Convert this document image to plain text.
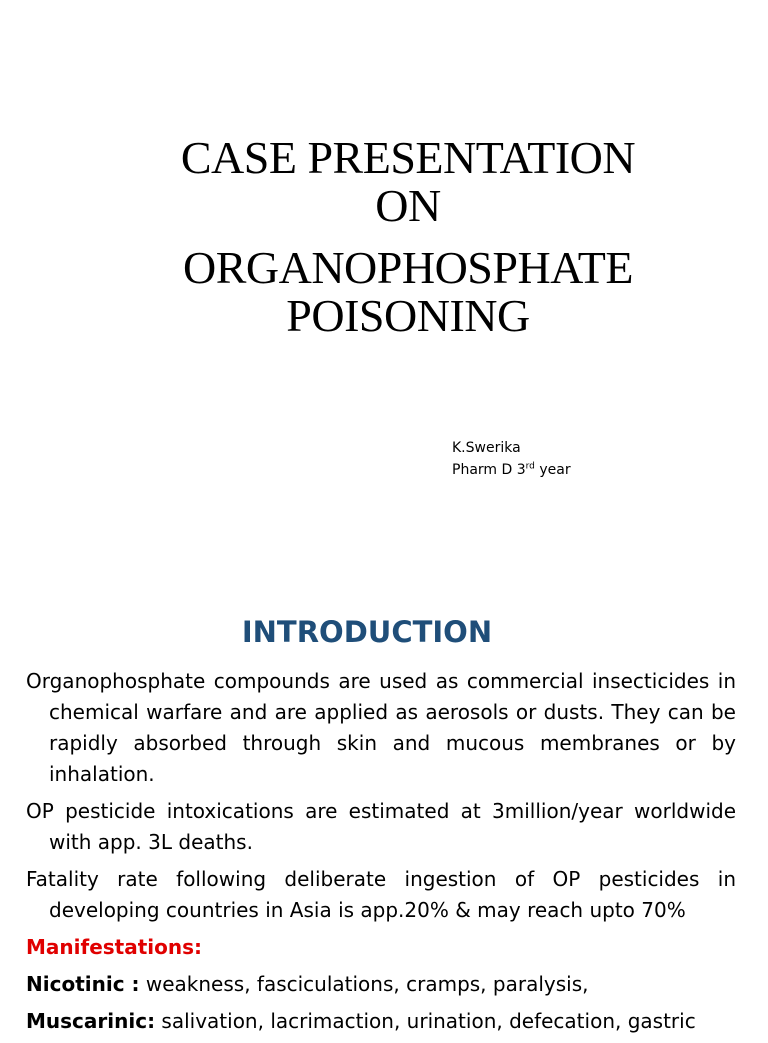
CASE PRESENTATION
ON
ORGANOPHOSPHATE
POISONING
K.Swerika
Pharm D 3rd year
INTRODUCTION

Organophosphate compounds are used as commercial insecticides in chemical warfare and are applied as aerosols or dusts. They can be rapidly absorbed through skin and mucous membranes or by inhalation.

OP pesticide intoxications are estimated at 3million/year worldwide with app. 3L deaths.

Fatality rate following deliberate ingestion of OP pesticides in developing countries in Asia is app.20% & may reach upto 70%

Manifestations:

Nicotinic : weakness, fasciculations, cramps, paralysis,

Muscarinic: salivation, lacrimaction, urination, defecation, gastric
